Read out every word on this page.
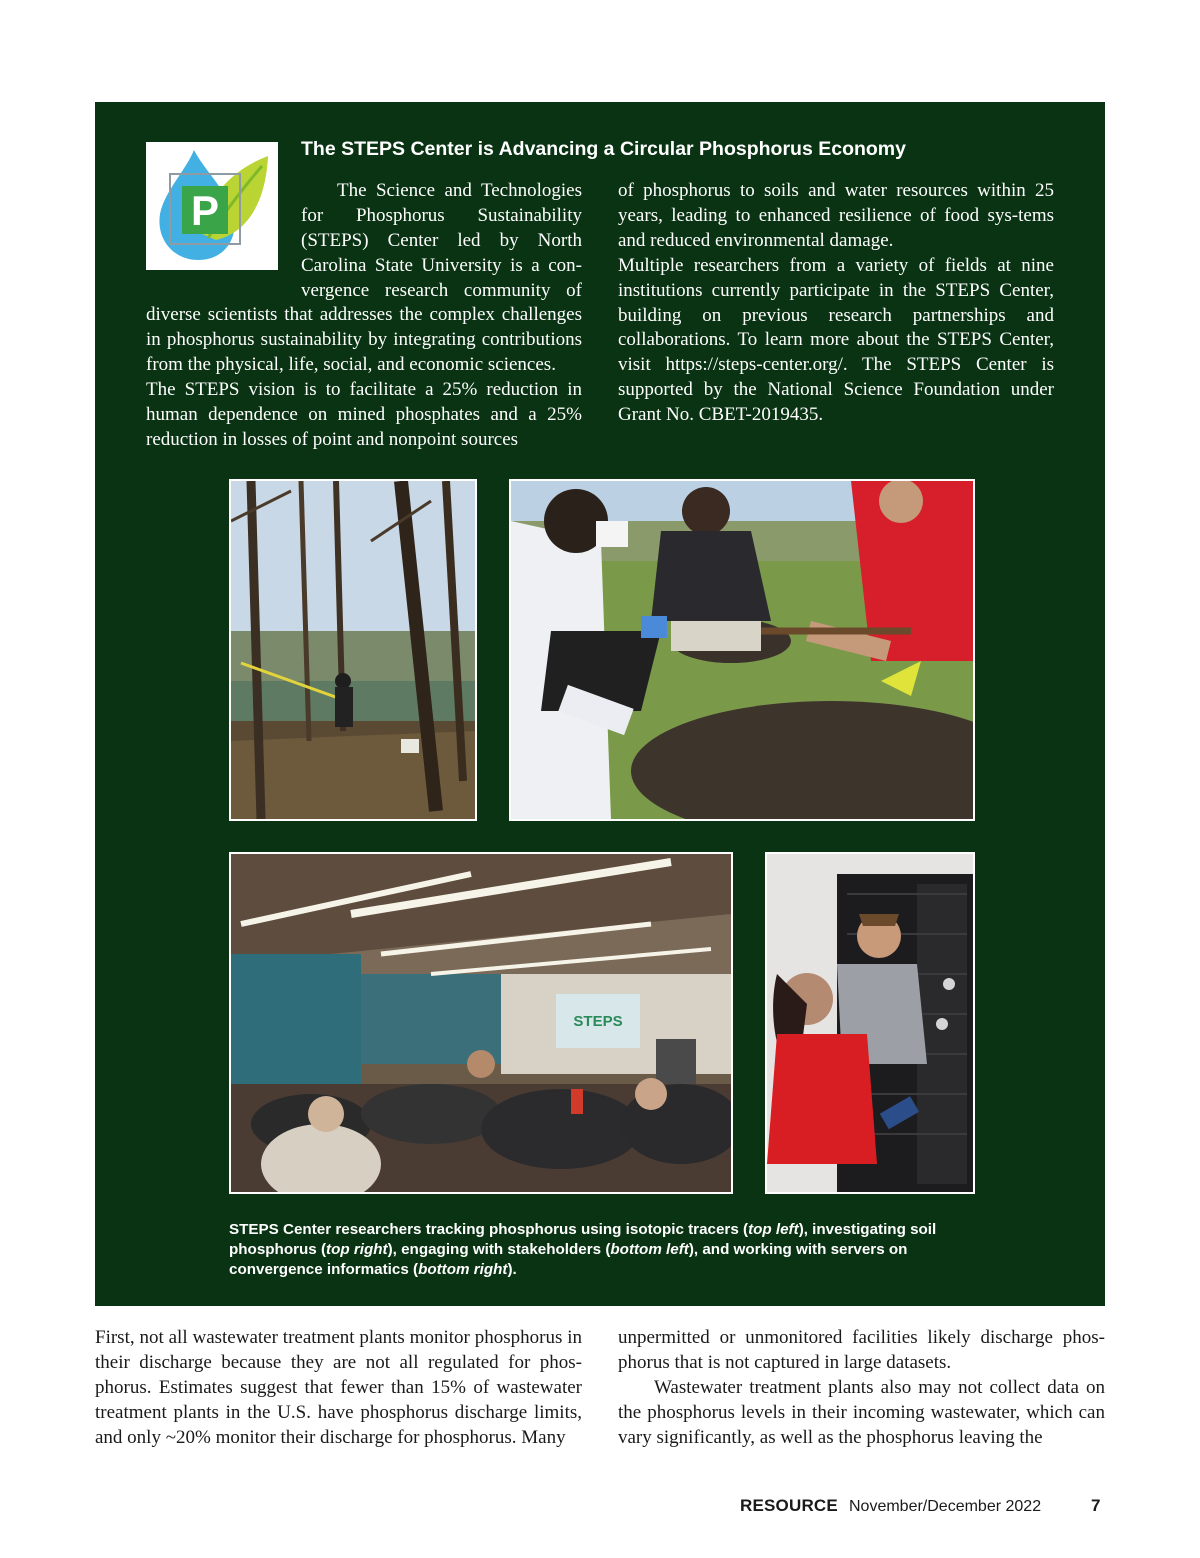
P
The STEPS Center is Advancing a Circular Phosphorus Economy
The Science and Technologies
for Phosphorus Sustainability
(STEPS) Center led by North
Carolina State University is a con-
vergence research community of

diverse scientists that addresses the complex challenges in phosphorus sustainability by integrating contributions from the physical, life, social, and economic sciences.

The STEPS vision is to facilitate a 25% reduction in human dependence on mined phosphates and a 25% reduction in losses of point and nonpoint sources

of phosphorus to soils and water resources within 25 years, leading to enhanced resilience of food sys-tems and reduced environmental damage.

Multiple researchers from a variety of fields at nine institutions currently participate in the STEPS Center, building on previous research partnerships and collaborations. To learn more about the STEPS Center, visit https://steps-center.org/. The STEPS Center is supported by the National Science Foundation under Grant No. CBET-2019435.

STEPS
STEPS Center researchers tracking phosphorus using isotopic tracers (top left), investigating soil phosphorus (top right), engaging with stakeholders (bottom left), and working with servers on convergence informatics (bottom right).

First, not all wastewater treatment plants monitor phosphorus in their discharge because they are not all regulated for phos-phorus. Estimates suggest that fewer than 15% of wastewater treatment plants in the U.S. have phosphorus discharge limits, and only ~20% monitor their discharge for phosphorus. Many

unpermitted or unmonitored facilities likely discharge phos-phorus that is not captured in large datasets.

Wastewater treatment plants also may not collect data on the phosphorus levels in their incoming wastewater, which can vary significantly, as well as the phosphorus leaving the

RESOURCE November/December 2022	7
